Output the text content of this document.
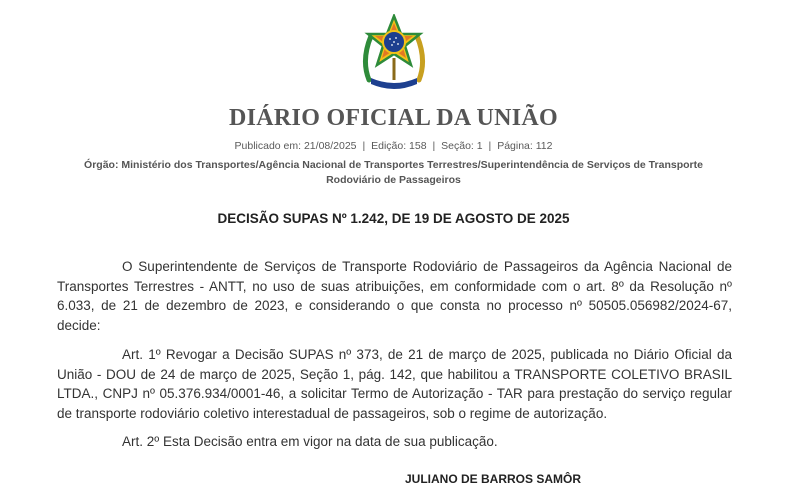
DIÁRIO OFICIAL DA UNIÃO
Publicado em: 21/08/2025 | Edição: 158 | Seção: 1 | Página: 112
Órgão: Ministério dos Transportes/Agência Nacional de Transportes Terrestres/Superintendência de Serviços de Transporte Rodoviário de Passageiros
DECISÃO SUPAS Nº 1.242, DE 19 DE AGOSTO DE 2025

O Superintendente de Serviços de Transporte Rodoviário de Passageiros da Agência Nacional de Transportes Terrestres - ANTT, no uso de suas atribuições, em conformidade com o art. 8º da Resolução nº 6.033, de 21 de dezembro de 2023, e considerando o que consta no processo nº 50505.056982/2024-67, decide:

Art. 1º Revogar a Decisão SUPAS nº 373, de 21 de março de 2025, publicada no Diário Oficial da União - DOU de 24 de março de 2025, Seção 1, pág. 142, que habilitou a TRANSPORTE COLETIVO BRASIL LTDA., CNPJ nº 05.376.934/0001-46, a solicitar Termo de Autorização - TAR para prestação do serviço regular de transporte rodoviário coletivo interestadual de passageiros, sob o regime de autorização.

Art. 2º Esta Decisão entra em vigor na data de sua publicação.

JULIANO DE BARROS SAMÔR
